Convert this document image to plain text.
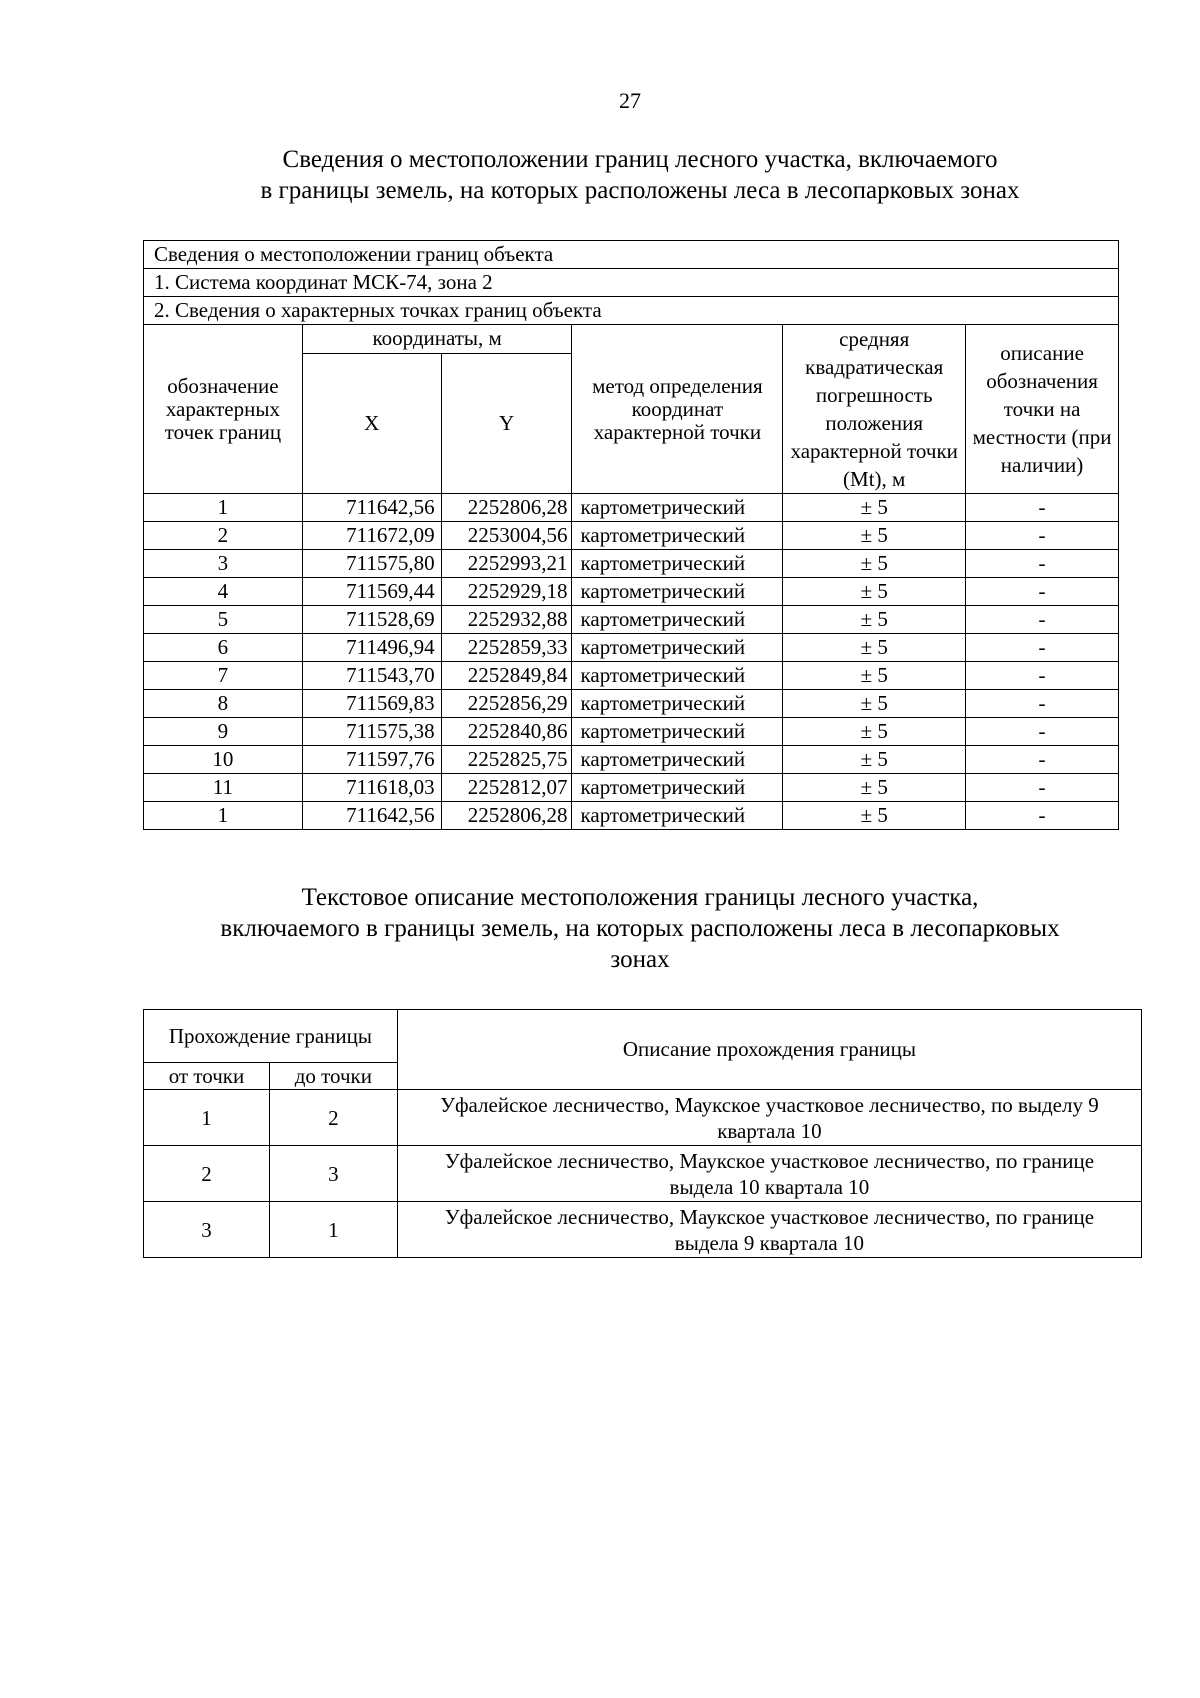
27
Сведения о местоположении границ лесного участка, включаемого
в границы земель, на которых расположены леса в лесопарковых зонах
Сведения о местоположении границ объекта					
1. Система координат МСК-74, зона 2					
2. Сведения о характерных точках границ объекта					
обозначение характерных точек границ	координаты, м		метод определения координат характерной точки	средняя квадратическая погрешность положения характерной точки (Mt), м	описание обозначения точки на местности (при наличии)
	X	Y			
1	711642,56	2252806,28	картометрический	± 5	-
2	711672,09	2253004,56	картометрический	± 5	-
3	711575,80	2252993,21	картометрический	± 5	-
4	711569,44	2252929,18	картометрический	± 5	-
5	711528,69	2252932,88	картометрический	± 5	-
6	711496,94	2252859,33	картометрический	± 5	-
7	711543,70	2252849,84	картометрический	± 5	-
8	711569,83	2252856,29	картометрический	± 5	-
9	711575,38	2252840,86	картометрический	± 5	-
10	711597,76	2252825,75	картометрический	± 5	-
11	711618,03	2252812,07	картометрический	± 5	-
1	711642,56	2252806,28	картометрический	± 5	-
Текстовое описание местоположения границы лесного участка,
включаемого в границы земель, на которых расположены леса в лесопарковых
зонах
Прохождение границы		Описание прохождения границы
от точки	до точки	
1	2	Уфалейское лесничество, Маукское участковое лесничество, по выделу 9 квартала 10
2	3	Уфалейское лесничество, Маукское участковое лесничество, по границе выдела 10 квартала 10
3	1	Уфалейское лесничество, Маукское участковое лесничество, по границе выдела 9 квартала 10
